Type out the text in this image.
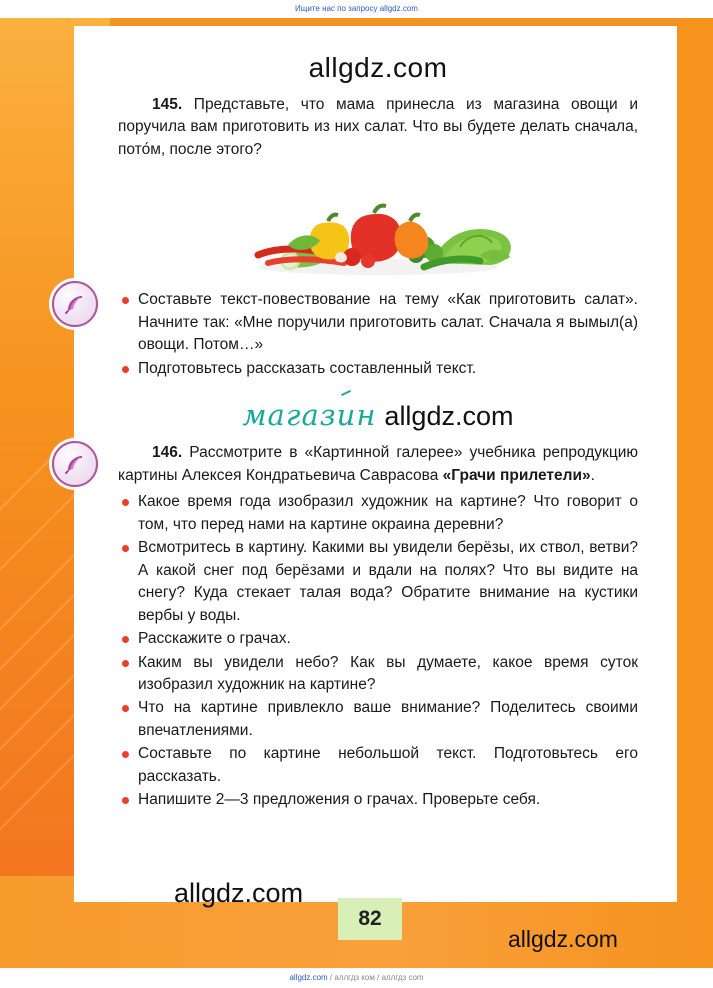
Ищите нас по запросу allgdz.com
allgdz.com

145. Представьте, что мама принесла из магазина овощи и поручила вам приготовить из них салат. Что вы будете делать сначала, пото́м, после этого?

Составьте текст-повествование на тему «Как приготовить салат». Начните так: «Мне поручили приготовить салат. Сначала я вымыл(а) овощи. Потом…»
Подготовьтесь рассказать составленный текст.
магазин allgdz.com

146. Рассмотрите в «Картинной галерее» учебника репродукцию картины Алексея Кондратьевича Саврасова «Грачи прилетели».

Какое время года изобразил художник на картине? Что говорит о том, что перед нами на картине окраина деревни?
Всмотритесь в картину. Какими вы увидели берёзы, их ствол, ветви? А какой снег под берёзами и вдали на полях? Что вы видите на снегу? Куда стекает талая вода? Обратите внимание на кустики вербы у воды.
Расскажите о грачах.
Каким вы увидели небо? Как вы думаете, какое время суток изобразил художник на картине?
Что на картине привлекло ваше внимание? Поделитесь своими впечатлениями.
Составьте по картине небольшой текст. Подготовьтесь его рассказать.
Напишите 2—3 предложения о грачах. Проверьте себя.
82
allgdz.com
allgdz.com
allgdz.com / аллгдз ком / аллгдз com
